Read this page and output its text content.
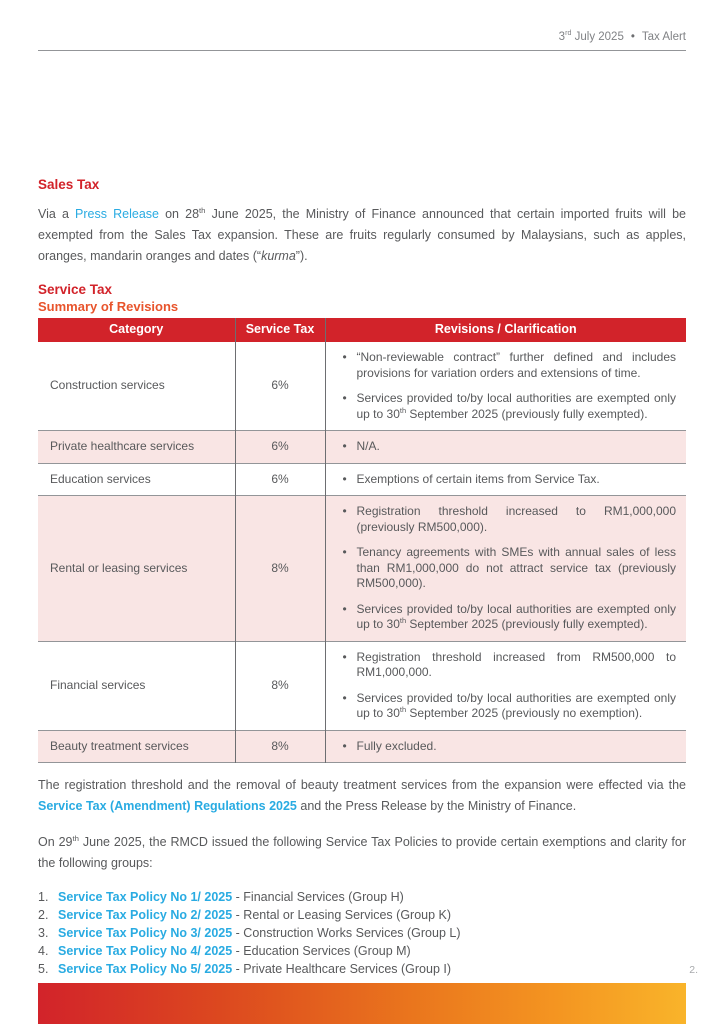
3rd July 2025 • Tax Alert
Sales Tax

Via a Press Release on 28th June 2025, the Ministry of Finance announced that certain imported fruits will be exempted from the Sales Tax expansion. These are fruits regularly consumed by Malaysians, such as apples, oranges, mandarin oranges and dates (“kurma”).

Service Tax
Summary of Revisions
Category	Service Tax	Revisions / Clarification
Construction services	6%	
• “Non-reviewable contract” further defined and includes provisions for variation orders and extensions of time.
• Services provided to/by local authorities are exempted only up to 30th September 2025 (previously fully exempted).

Private healthcare services	6%	
•N/A.

Education services	6%	
•Exemptions of certain items from Service Tax.

Rental or leasing services	8%	
• Registration threshold increased to RM1,000,000 (previously RM500,000).
• Tenancy agreements with SMEs with annual sales of less than RM1,000,000 do not attract service tax (previously RM500,000).
• Services provided to/by local authorities are exempted only up to 30th September 2025 (previously fully exempted).

Financial services	8%	
• Registration threshold increased from RM500,000 to RM1,000,000.
• Services provided to/by local authorities are exempted only up to 30th September 2025 (previously no exemption).

Beauty treatment services	8%	
•Fully excluded.

The registration threshold and the removal of beauty treatment services from the expansion were effected via the Service Tax (Amendment) Regulations 2025 and the Press Release by the Ministry of Finance.

On 29th June 2025, the RMCD issued the following Service Tax Policies to provide certain exemptions and clarity for the following groups:

1. Service Tax Policy No 1/ 2025 - Financial Services (Group H)
2. Service Tax Policy No 2/ 2025 - Rental or Leasing Services (Group K)
3. Service Tax Policy No 3/ 2025 - Construction Works Services (Group L)
4. Service Tax Policy No 4/ 2025 - Education Services (Group M)
5. Service Tax Policy No 5/ 2025 - Private Healthcare Services (Group I)	2.
